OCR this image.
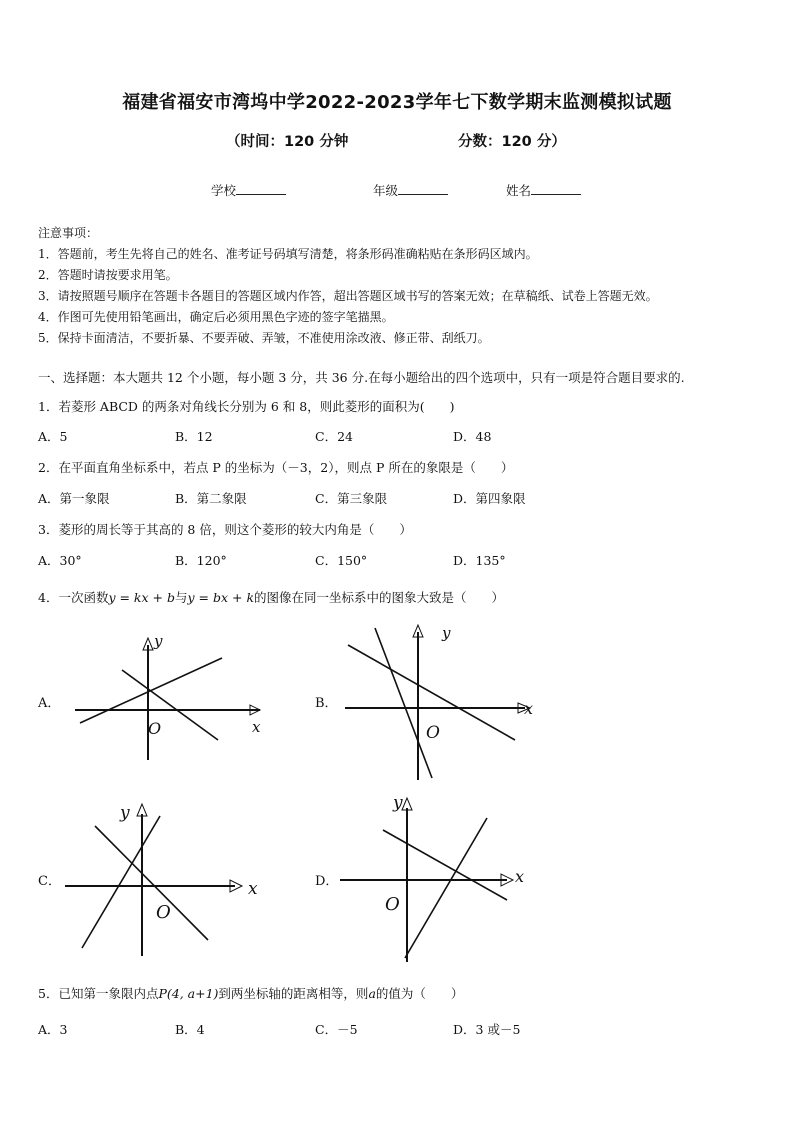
福建省福安市湾坞中学2022-2023学年七下数学期末监测模拟试题
（时间：120 分钟	分数：120 分）
学校	年级	姓名
注意事项：
1．答题前，考生先将自己的姓名、准考证号码填写清楚，将条形码准确粘贴在条形码区域内。
2．答题时请按要求用笔。
3．请按照题号顺序在答题卡各题目的答题区域内作答，超出答题区域书写的答案无效；在草稿纸、试卷上答题无效。
4．作图可先使用铅笔画出，确定后必须用黑色字迹的签字笔描黑。
5．保持卡面清洁，不要折暴、不要弄破、弄皱，不准使用涂改液、修正带、刮纸刀。
一、选择题：本大题共 12 个小题，每小题 3 分，共 36 分.在每小题给出的四个选项中，只有一项是符合题目要求的.
1．若菱形 ABCD 的两条对角线长分别为 6 和 8，则此菱形的面积为(　　)
A．5	B．12	C．24	D．48
2．在平面直角坐标系中，若点 P 的坐标为（－3，2），则点 P 所在的象限是（　　）
A．第一象限	B．第二象限	C．第三象限	D．第四象限
3．菱形的周长等于其高的 8 倍，则这个菱形的较大内角是（　　）
A．30°	B．120°	C．150°	D．135°
4．一次函数y = kx + b与y = bx + k的图像在同一坐标系中的图象大致是（　　）
A．
y
x
O
B．
y
x
O
C．
y
x
O
D．
y
x
O
5．已知第一象限内点P(4, a+1)到两坐标轴的距离相等，则a的值为（　　）
A．3	B．4	C．－5	D．3 或－5
